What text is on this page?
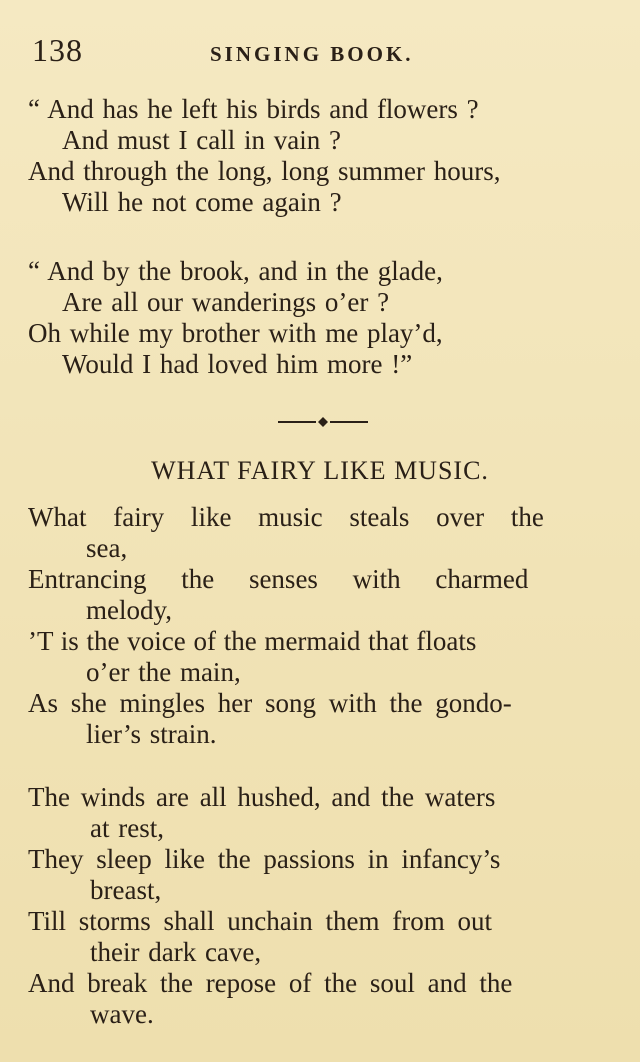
138	SINGING BOOK.
“ And has he left his birds and flowers ?
And must I call in vain ?
And through the long, long summer hours,
Will he not come again ?
“ And by the brook, and in the glade,
Are all our wanderings o’er ?
Oh while my brother with me play’d,
Would I had loved him more !”
WHAT FAIRY LIKE MUSIC.
What fairy like music steals over the
sea,
Entrancing the senses with charmed
melody,
’T is the voice of the mermaid that floats
o’er the main,
As she mingles her song with the gondo-
lier’s strain.
The winds are all hushed, and the waters
at rest,
They sleep like the passions in infancy’s
breast,
Till storms shall unchain them from out
their dark cave,
And break the repose of the soul and the
wave.
